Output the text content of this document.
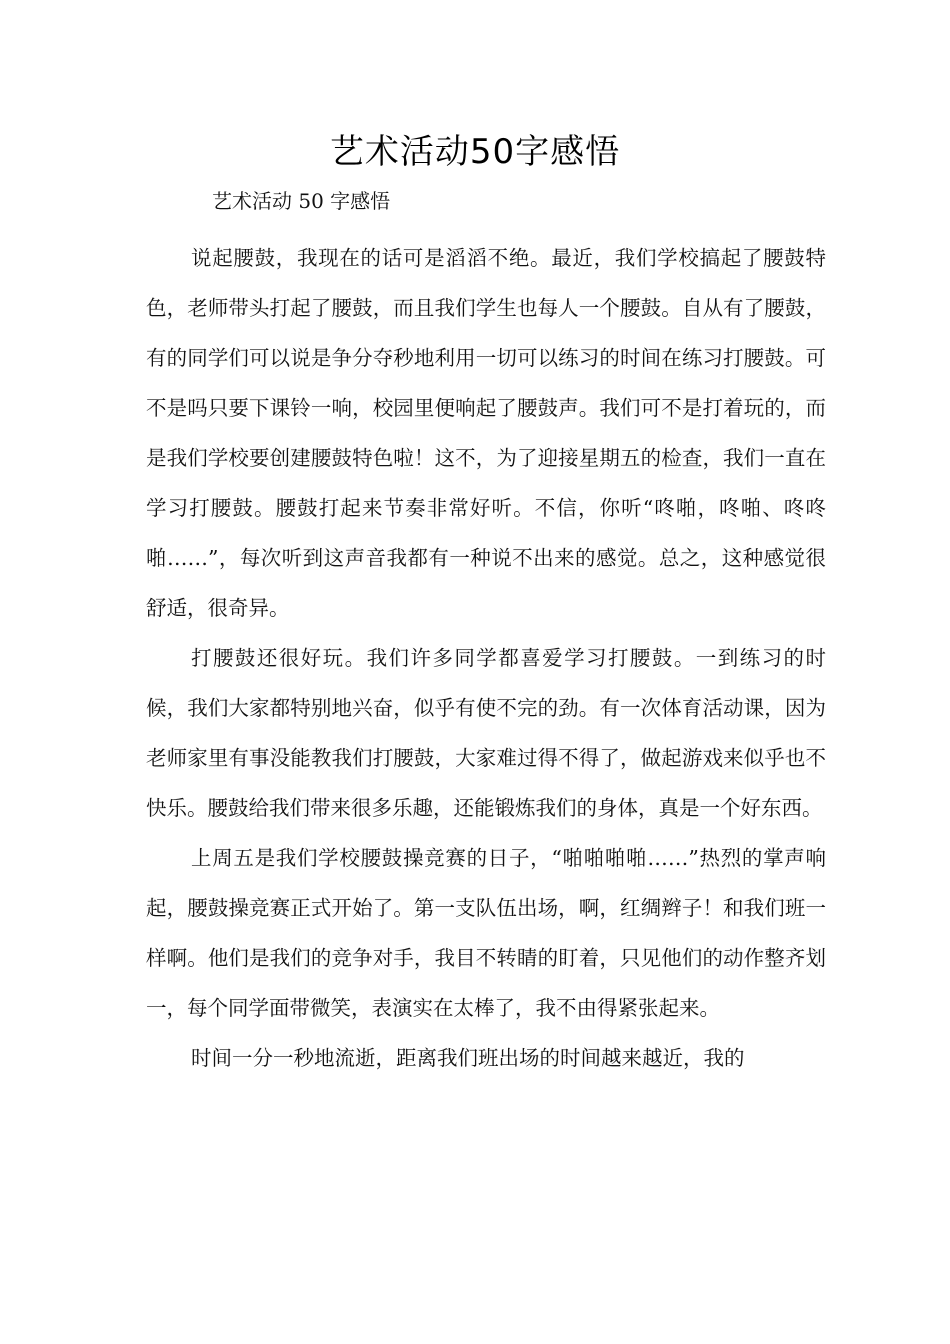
艺术活动50字感悟
艺术活动 50 字感悟

说起腰鼓，我现在的话可是滔滔不绝。最近，我们学校搞起了腰鼓特色，老师带头打起了腰鼓，而且我们学生也每人一个腰鼓。自从有了腰鼓，有的同学们可以说是争分夺秒地利用一切可以练习的时间在练习打腰鼓。可不是吗只要下课铃一响，校园里便响起了腰鼓声。我们可不是打着玩的，而是我们学校要创建腰鼓特色啦！这不，为了迎接星期五的检查，我们一直在学习打腰鼓。腰鼓打起来节奏非常好听。不信，你听“咚啪，咚啪、咚咚啪……”，每次听到这声音我都有一种说不出来的感觉。总之，这种感觉很舒适，很奇异。

打腰鼓还很好玩。我们许多同学都喜爱学习打腰鼓。一到练习的时候，我们大家都特别地兴奋，似乎有使不完的劲。有一次体育活动课，因为老师家里有事没能教我们打腰鼓，大家难过得不得了，做起游戏来似乎也不快乐。腰鼓给我们带来很多乐趣，还能锻炼我们的身体，真是一个好东西。

上周五是我们学校腰鼓操竞赛的日子，“啪啪啪啪……”热烈的掌声响起，腰鼓操竞赛正式开始了。第一支队伍出场，啊，红绸辫子！和我们班一样啊。他们是我们的竞争对手，我目不转睛的盯着，只见他们的动作整齐划一，每个同学面带微笑，表演实在太棒了，我不由得紧张起来。

时间一分一秒地流逝，距离我们班出场的时间越来越近，我的
